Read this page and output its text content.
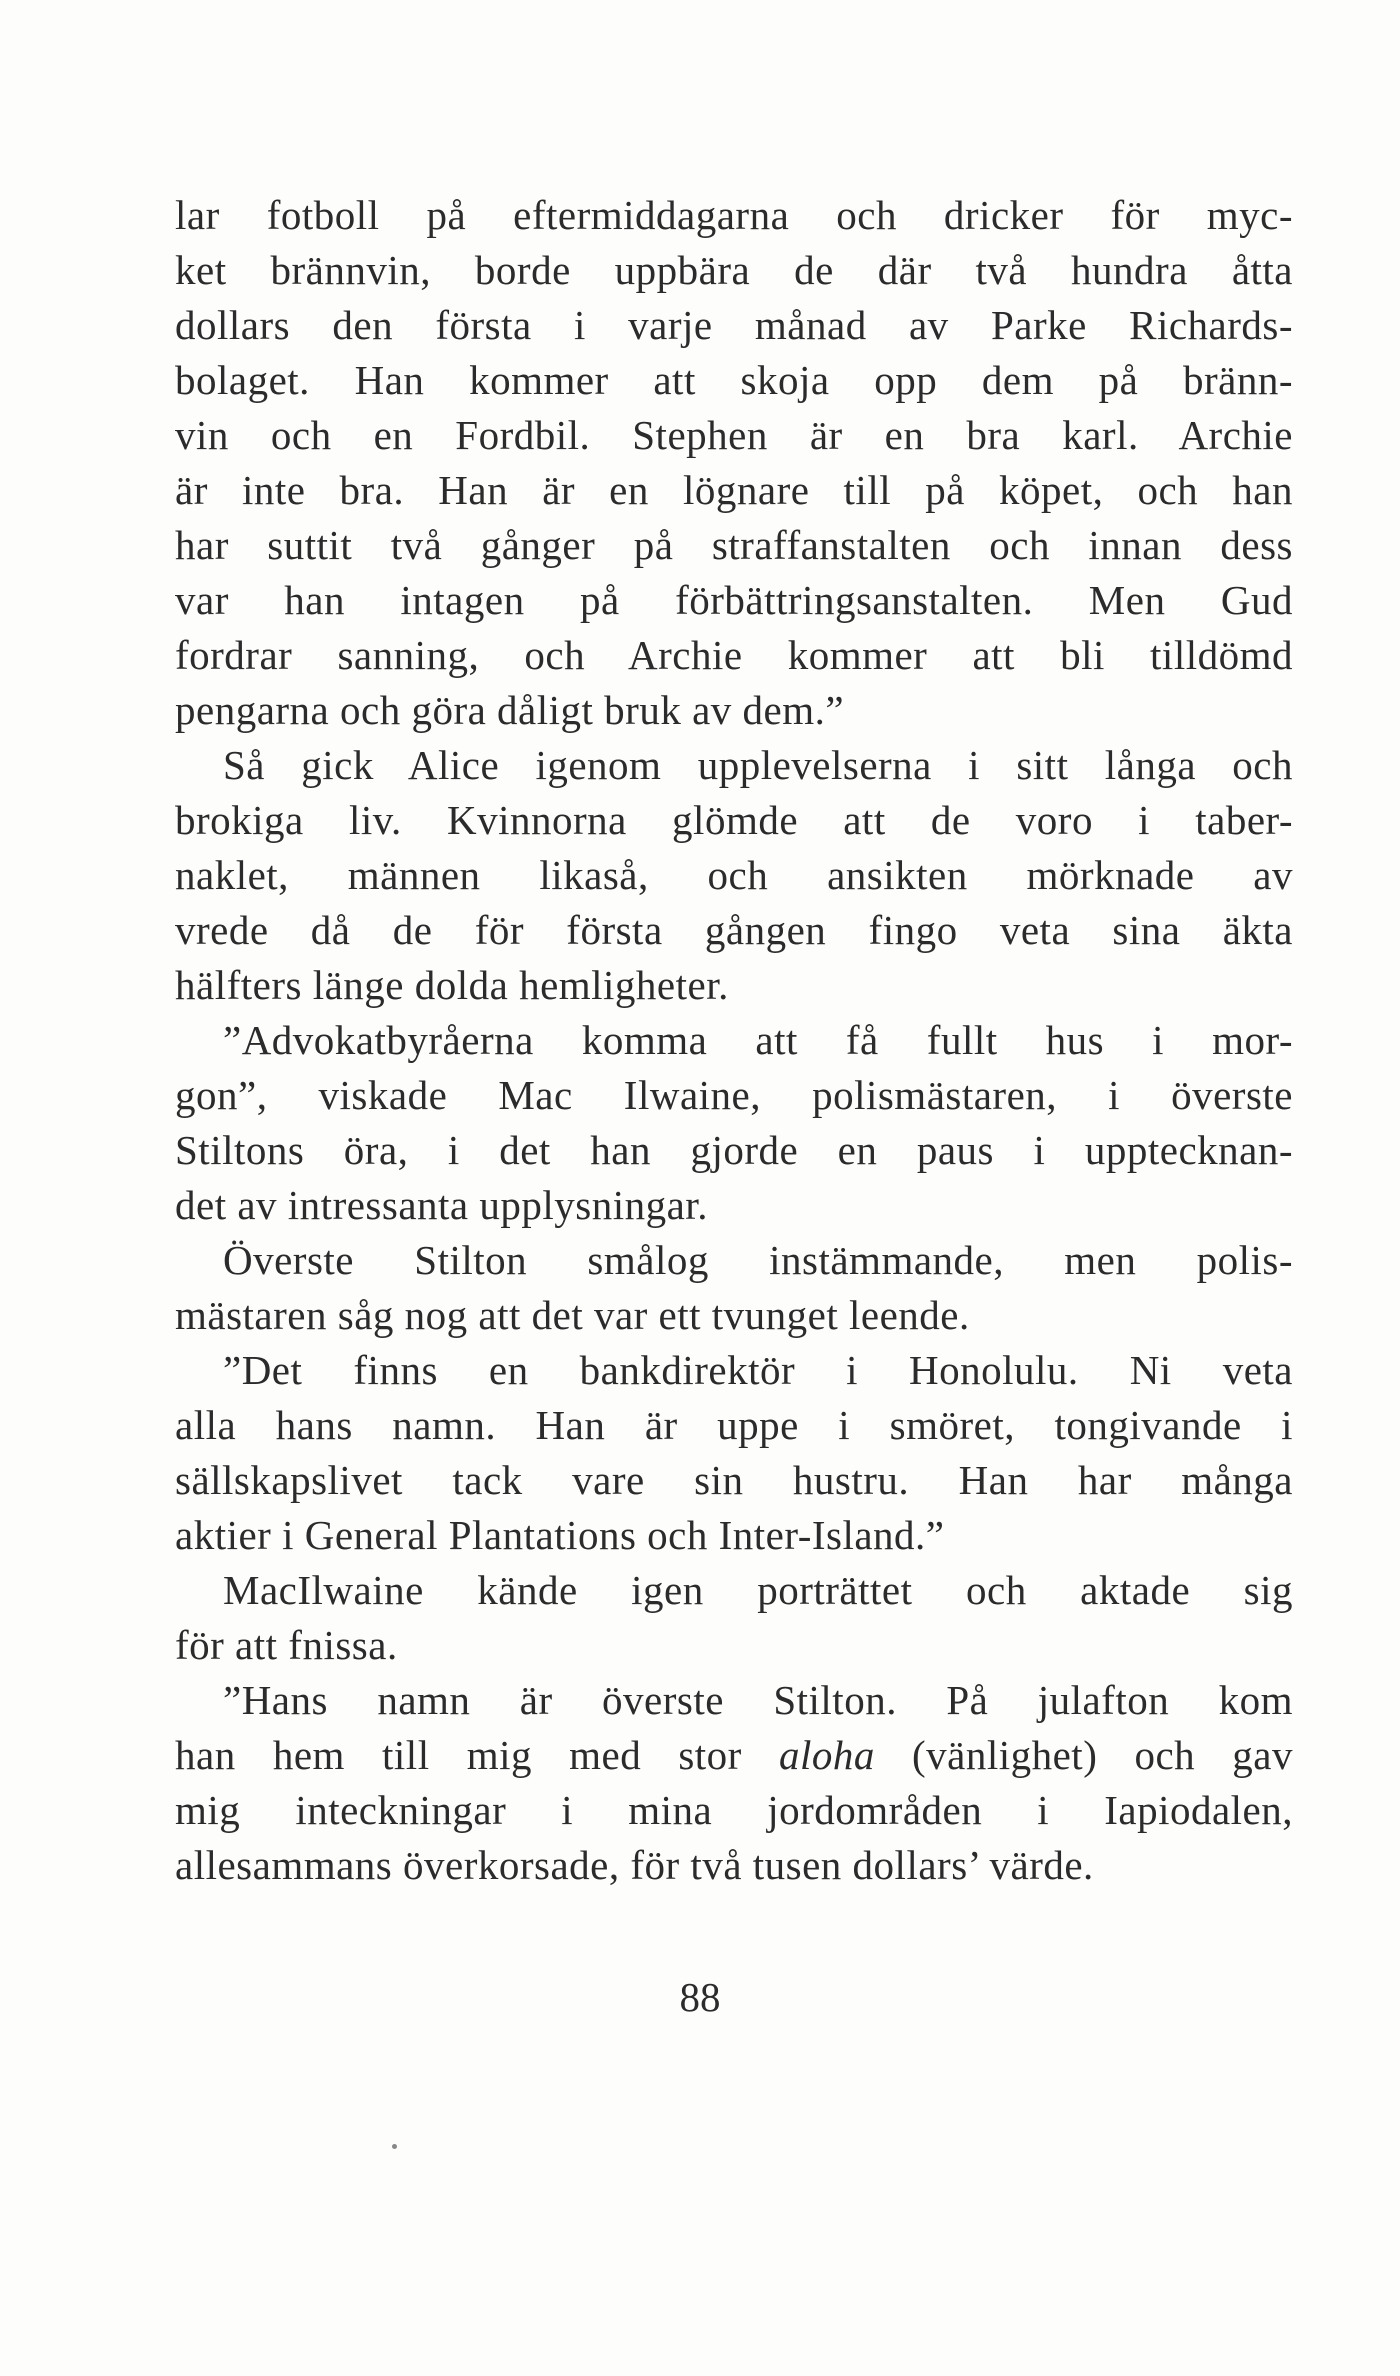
lar fotboll på eftermiddagarna och dricker för myc-
ket brännvin, borde uppbära de där två hundra åtta
dollars den första i varje månad av Parke Richards-
bolaget. Han kommer att skoja opp dem på bränn-
vin och en Fordbil. Stephen är en bra karl. Archie
är inte bra. Han är en lögnare till på köpet, och han
har suttit två gånger på straffanstalten och innan dess
var han intagen på förbättringsanstalten. Men Gud
fordrar sanning, och Archie kommer att bli tilldömd
pengarna och göra dåligt bruk av dem.”
Så gick Alice igenom upplevelserna i sitt långa och
brokiga liv. Kvinnorna glömde att de voro i taber-
naklet, männen likaså, och ansikten mörknade av
vrede då de för första gången fingo veta sina äkta
hälfters länge dolda hemligheter.
”Advokatbyråerna komma att få fullt hus i mor-
gon”, viskade Mac Ilwaine, polismästaren, i överste
Stiltons öra, i det han gjorde en paus i upptecknan-
det av intressanta upplysningar.
Överste Stilton smålog instämmande, men polis-
mästaren såg nog att det var ett tvunget leende.
”Det finns en bankdirektör i Honolulu. Ni veta
alla hans namn. Han är uppe i smöret, tongivande i
sällskapslivet tack vare sin hustru. Han har många
aktier i General Plantations och Inter-Island.”
MacIlwaine kände igen porträttet och aktade sig
för att fnissa.
”Hans namn är överste Stilton. På julafton kom
han hem till mig med stor aloha (vänlighet) och gav
mig inteckningar i mina jordområden i Iapiodalen,
allesammans överkorsade, för två tusen dollars’ värde.
88
